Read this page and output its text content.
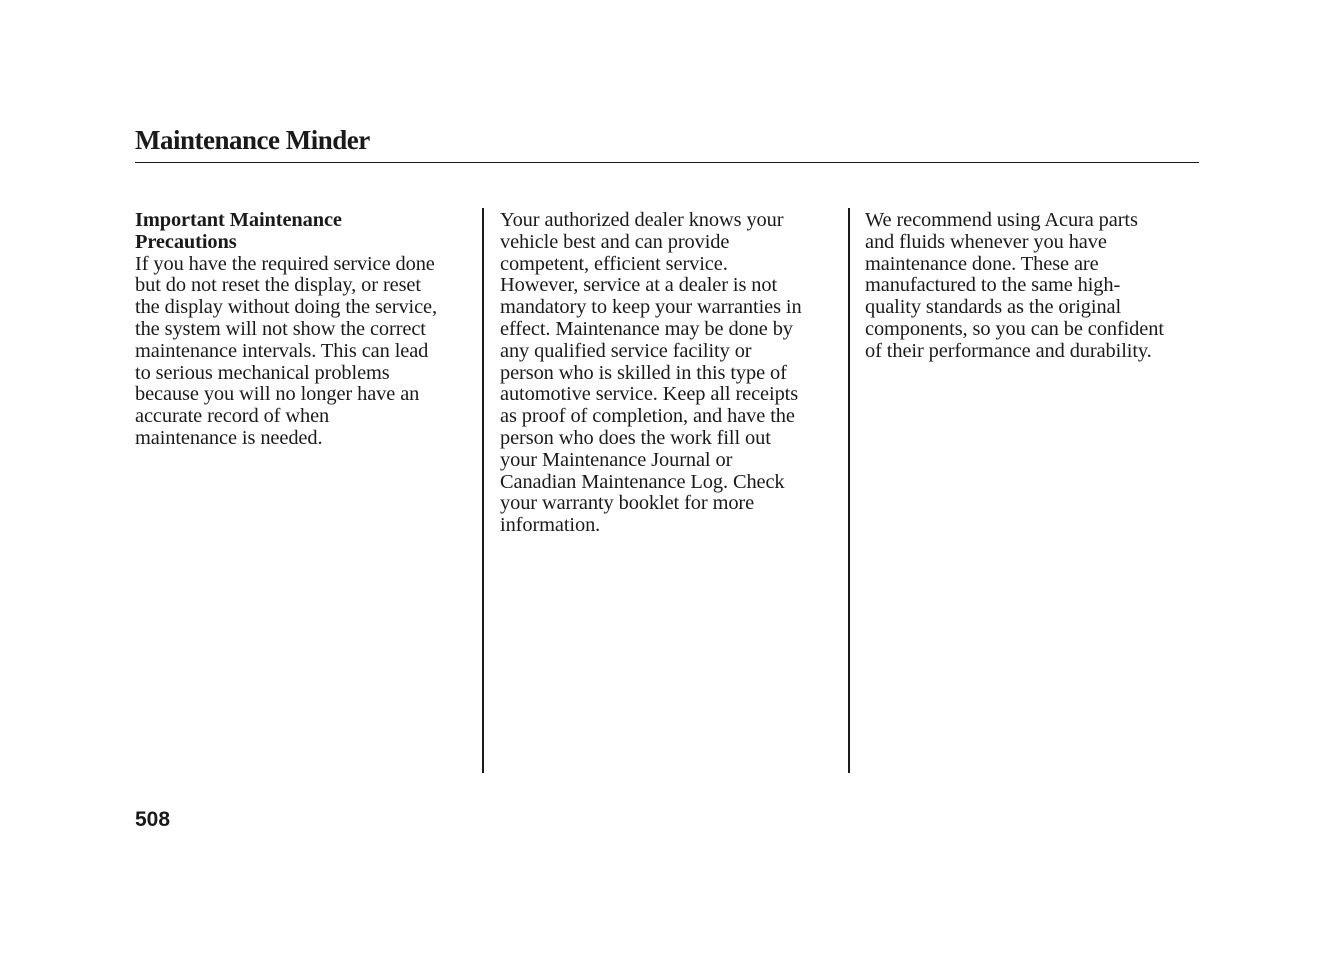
Maintenance Minder
Important Maintenance
Precautions
If you have the required service done
but do not reset the display, or reset
the display without doing the service,
the system will not show the correct
maintenance intervals. This can lead
to serious mechanical problems
because you will no longer have an
accurate record of when
maintenance is needed.
Your authorized dealer knows your
vehicle best and can provide
competent, efficient service.
However, service at a dealer is not
mandatory to keep your warranties in
effect. Maintenance may be done by
any qualified service facility or
person who is skilled in this type of
automotive service. Keep all receipts
as proof of completion, and have the
person who does the work fill out
your Maintenance Journal or
Canadian Maintenance Log. Check
your warranty booklet for more
information.
We recommend using Acura parts
and fluids whenever you have
maintenance done. These are
manufactured to the same high-
quality standards as the original
components, so you can be confident
of their performance and durability.

508
